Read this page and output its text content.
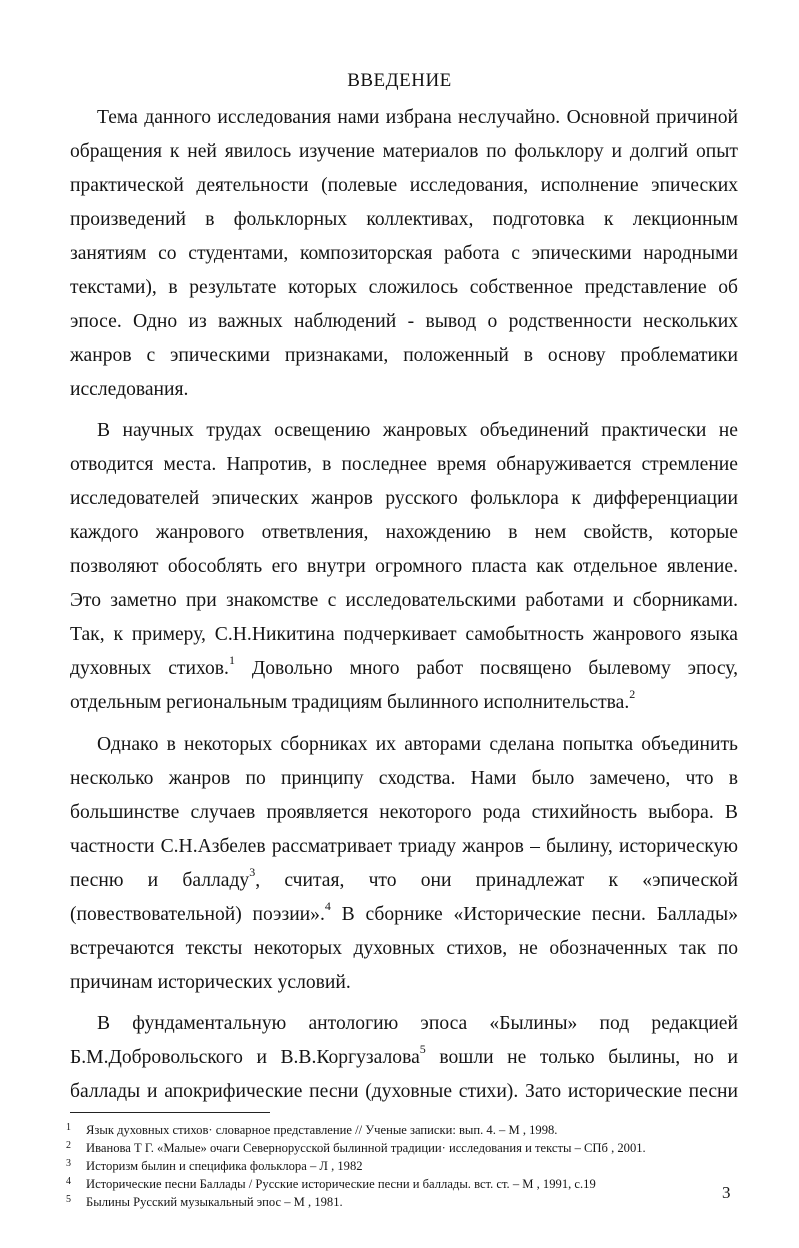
ВВЕДЕНИЕ
Тема данного исследования нами избрана неслучайно. Основной причиной
обращения к ней явилось изучение материалов по фольклору и долгий опыт
практической деятельности (полевые исследования, исполнение эпических
произведений в фольклорных коллективах, подготовка к лекционным
занятиям со студентами, композиторская работа с эпическими народными
текстами), в результате которых сложилось собственное представление об
эпосе. Одно из важных наблюдений - вывод о родственности нескольких
жанров с эпическими признаками, положенный в основу проблематики
исследования.
В научных трудах освещению жанровых объединений практически не
отводится места. Напротив, в последнее время обнаруживается стремление
исследователей эпических жанров русского фольклора к дифференциации
каждого жанрового ответвления, нахождению в нем свойств, которые
позволяют обособлять его внутри огромного пласта как отдельное явление.
Это заметно при знакомстве с исследовательскими работами и сборниками.
Так, к примеру, С.Н.Никитина подчеркивает самобытность жанрового языка
духовных стихов.$^1$ Довольно много работ посвящено былевому эпосу,
отдельным региональным традициям былинного исполнительства.$^2$
Однако в некоторых сборниках их авторами сделана попытка объединить
несколько жанров по принципу сходства. Нами было замечено, что в
большинстве случаев проявляется некоторого рода стихийность выбора. В
частности С.Н.Азбелев рассматривает триаду жанров – былину, историческую
песню и балладу$^3$, считая, что они принадлежат к «эпической
(повествовательной) поэзии».$^4$ В сборнике «Исторические песни. Баллады»
встречаются тексты некоторых духовных стихов, не обозначенных так по
причинам исторических условий.
В фундаментальную антологию эпоса «Былины» под редакцией
Б.М.Добровольского и В.В.Коргузалова$^5$ вошли не только былины, но и
баллады и апокрифические песни (духовные стихи). Зато исторические песни
1 Язык духовных стихов· словарное представление // Ученые записки: вып. 4. – М , 1998.
2 Иванова Т Г. «Малые» очаги Севернорусской былинной традиции· исследования и тексты – СПб , 2001.
3 Историзм былин и специфика фольклора – Л , 1982
4 Исторические песни Баллады / Русские исторические песни и баллады. вст. ст. – М , 1991, с.19
5 Былины Русский музыкальный эпос – М , 1981.	3
